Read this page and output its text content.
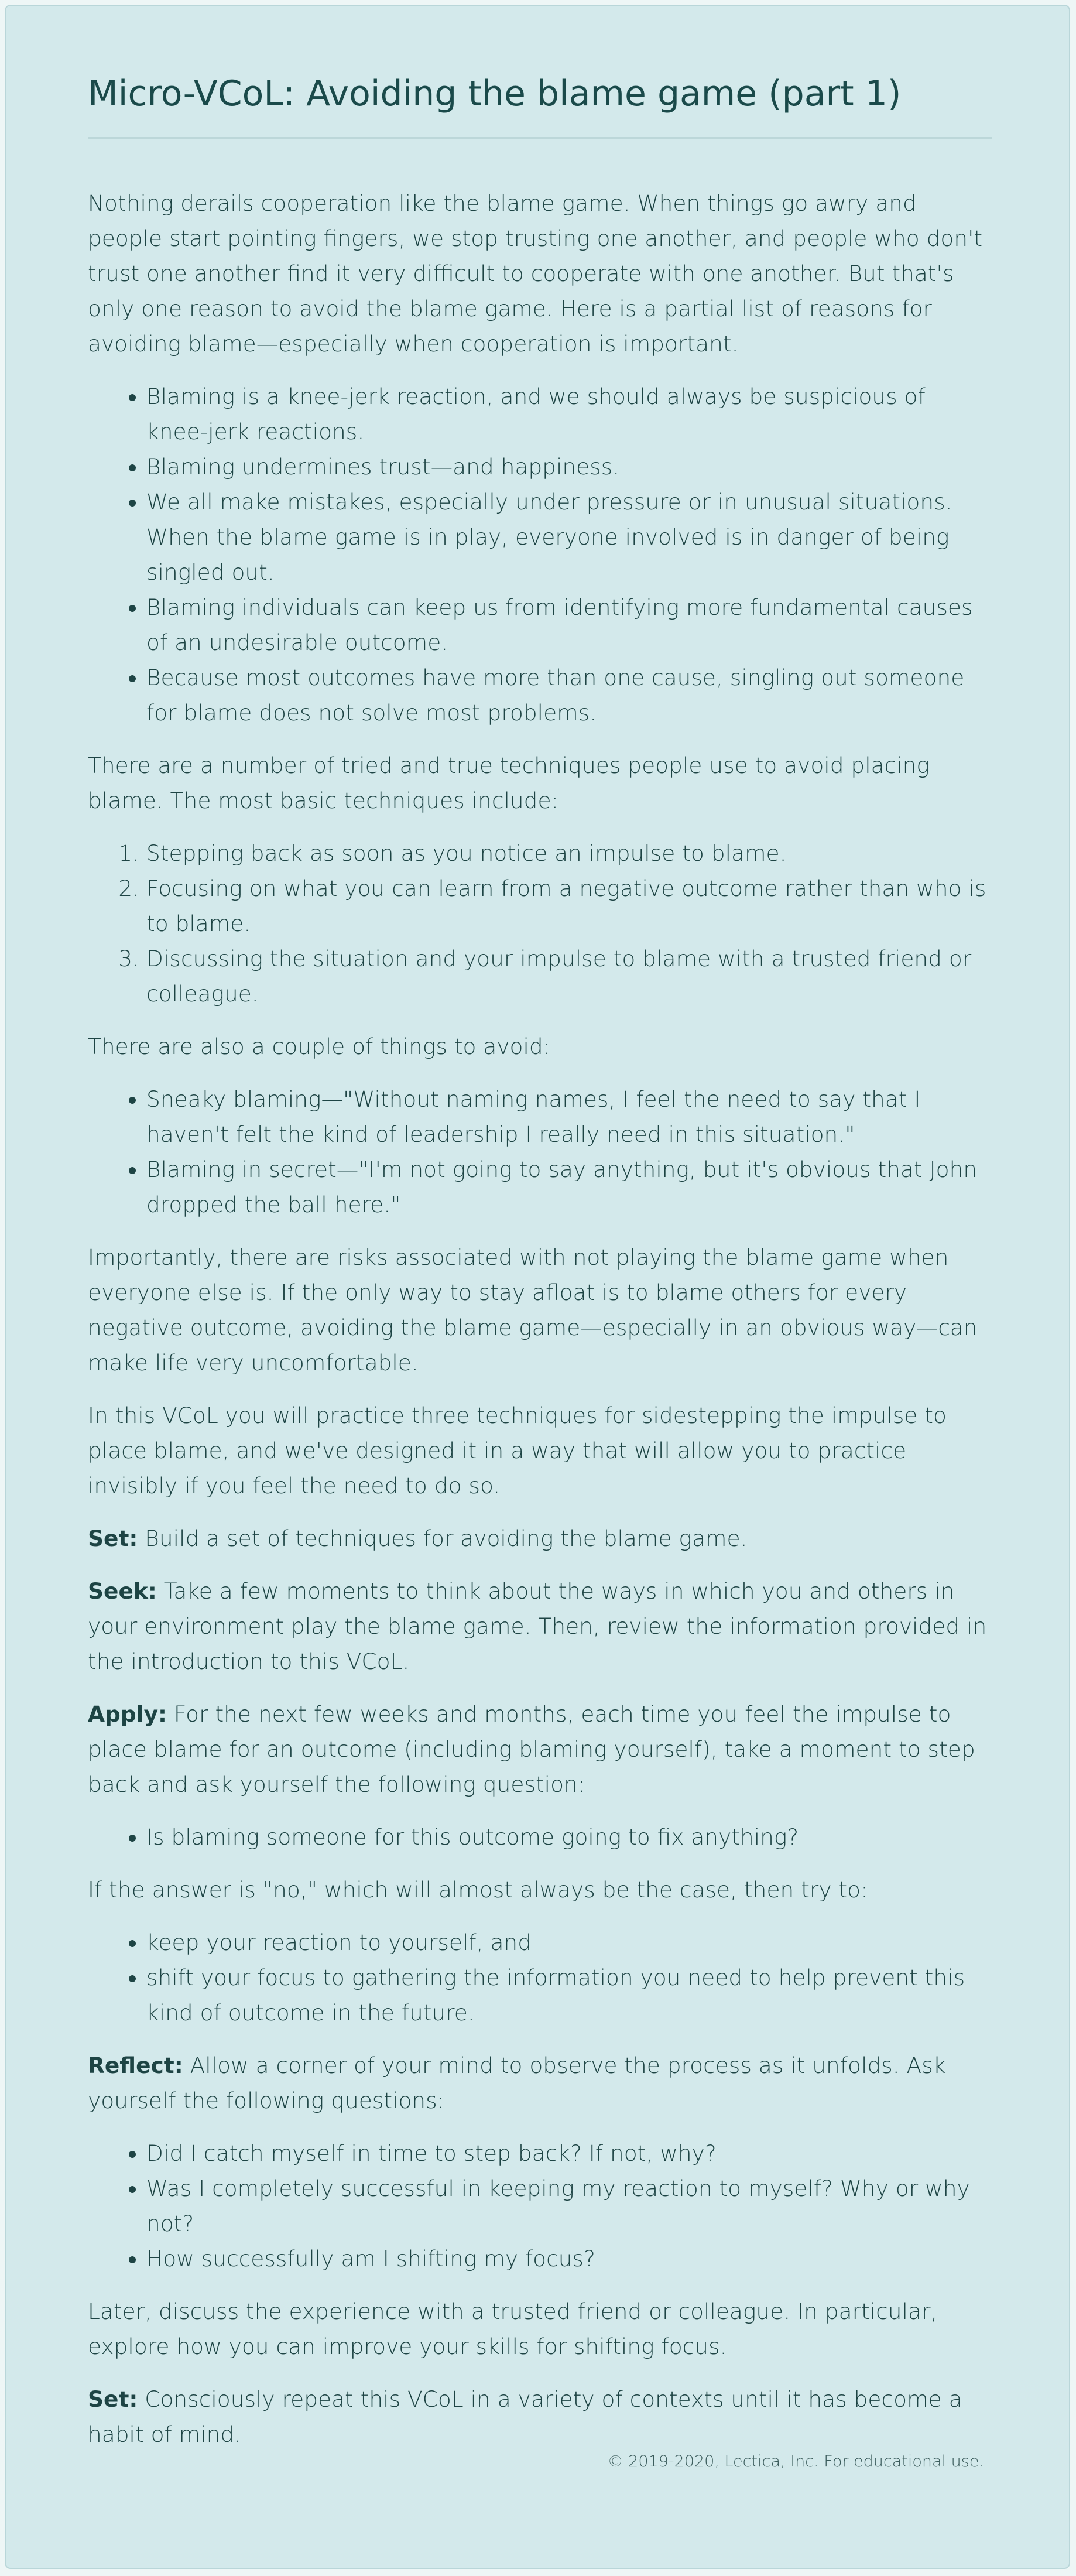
Micro-VCoL: Avoiding the blame game (part 1)

Nothing derails cooperation like the blame game. When things go awry and people start pointing fingers, we stop trusting one another, and people who don't trust one another find it very difficult to cooperate with one another. But that's only one reason to avoid the blame game. Here is a partial list of reasons for avoiding blame—especially when cooperation is important.

• Blaming is a knee-jerk reaction, and we should always be suspicious of knee-jerk reactions.
• Blaming undermines trust—and happiness.
• We all make mistakes, especially under pressure or in unusual situations. When the blame game is in play, everyone involved is in danger of being singled out.
• Blaming individuals can keep us from identifying more fundamental causes of an undesirable outcome.
• Because most outcomes have more than one cause, singling out someone for blame does not solve most problems.

There are a number of tried and true techniques people use to avoid placing blame. The most basic techniques include:

1. Stepping back as soon as you notice an impulse to blame.
2. Focusing on what you can learn from a negative outcome rather than who is to blame.
3. Discussing the situation and your impulse to blame with a trusted friend or colleague.

There are also a couple of things to avoid:

• Sneaky blaming—"Without naming names, I feel the need to say that I haven't felt the kind of leadership I really need in this situation."
• Blaming in secret—"I'm not going to say anything, but it's obvious that John dropped the ball here."

Importantly, there are risks associated with not playing the blame game when everyone else is. If the only way to stay afloat is to blame others for every negative outcome, avoiding the blame game—especially in an obvious way—can make life very uncomfortable.

In this VCoL you will practice three techniques for sidestepping the impulse to place blame, and we've designed it in a way that will allow you to practice invisibly if you feel the need to do so.

Set: Build a set of techniques for avoiding the blame game.

Seek: Take a few moments to think about the ways in which you and others in your environment play the blame game. Then, review the information provided in the introduction to this VCoL.

Apply: For the next few weeks and months, each time you feel the impulse to place blame for an outcome (including blaming yourself), take a moment to step back and ask yourself the following question:

• Is blaming someone for this outcome going to fix anything?

If the answer is "no," which will almost always be the case, then try to:

• keep your reaction to yourself, and
• shift your focus to gathering the information you need to help prevent this kind of outcome in the future.

Reflect: Allow a corner of your mind to observe the process as it unfolds. Ask yourself the following questions:

• Did I catch myself in time to step back? If not, why?
• Was I completely successful in keeping my reaction to myself? Why or why not?
• How successfully am I shifting my focus?

Later, discuss the experience with a trusted friend or colleague. In particular, explore how you can improve your skills for shifting focus.

Set: Consciously repeat this VCoL in a variety of contexts until it has become a habit of mind.

© 2019-2020, Lectica, Inc. For educational use.
